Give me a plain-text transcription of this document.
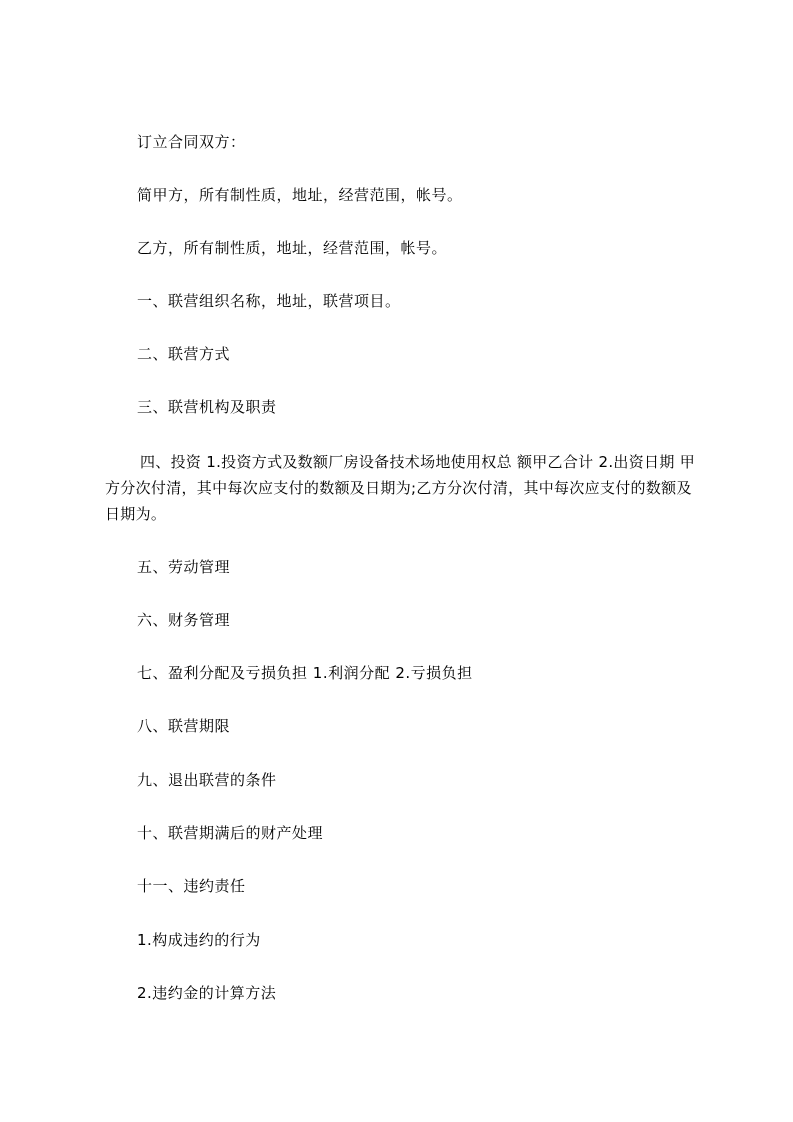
订立合同双方：

简甲方，所有制性质，地址，经营范围，帐号。

乙方，所有制性质，地址，经营范围，帐号。

一、联营组织名称，地址，联营项目。

二、联营方式

三、联营机构及职责

四、投资 1.投资方式及数额厂房设备技术场地使用权总 额甲乙合计 2.出资日期 甲方分次付清，其中每次应支付的数额及日期为;乙方分次付清，其中每次应支付的数额及日期为。

五、劳动管理

六、财务管理

七、盈利分配及亏损负担 1.利润分配 2.亏损负担

八、联营期限

九、退出联营的条件

十、联营期满后的财产处理

十一、违约责任

1.构成违约的行为

2.违约金的计算方法
